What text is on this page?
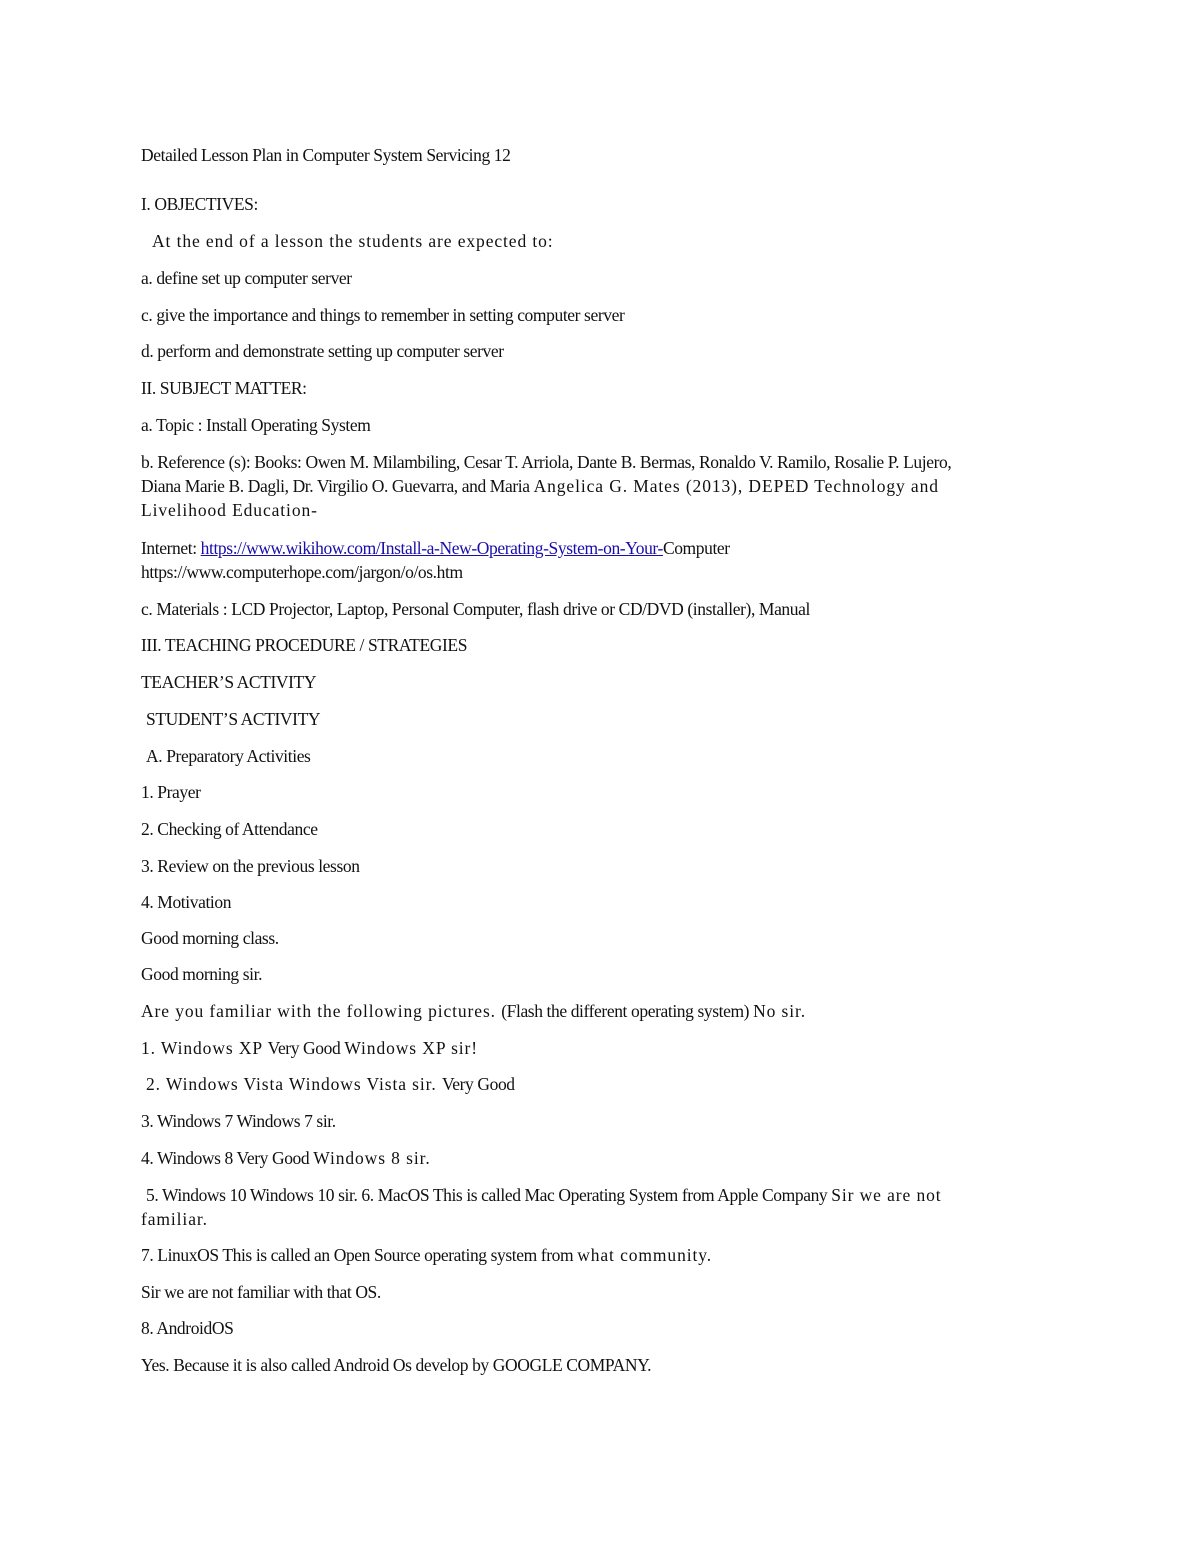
Detailed Lesson Plan in Computer System Servicing 12
I. OBJECTIVES:
At the end of a lesson the students are expected to:
a. define set up computer server
c. give the importance and things to remember in setting computer server
d. perform and demonstrate setting up computer server
II. SUBJECT MATTER:
a. Topic : Install Operating System
b. Reference (s): Books: Owen M. Milambiling, Cesar T. Arriola, Dante B. Bermas, Ronaldo V. Ramilo, Rosalie P. Lujero,
Diana Marie B. Dagli, Dr. Virgilio O. Guevarra, and Maria Angelica G. Mates (2013), DEPED Technology and
Livelihood Education-
Internet: https://www.wikihow.com/Install-a-New-Operating-System-on-Your-Computer
https://www.computerhope.com/jargon/o/os.htm
c. Materials : LCD Projector, Laptop, Personal Computer, flash drive or CD/DVD (installer), Manual
III. TEACHING PROCEDURE / STRATEGIES
TEACHER’S ACTIVITY
STUDENT’S ACTIVITY
A. Preparatory Activities
1. Prayer
2. Checking of Attendance
3. Review on the previous lesson
4. Motivation
Good morning class.
Good morning sir.
Are you familiar with the following pictures. (Flash the different operating system) No sir.
1. Windows XP Very Good Windows XP sir!
2. Windows Vista Windows Vista sir. Very Good
3. Windows 7 Windows 7 sir.
4. Windows 8 Very Good Windows 8 sir.
5. Windows 10 Windows 10 sir. 6. MacOS This is called Mac Operating System from Apple Company Sir we are not
familiar.
7. LinuxOS This is called an Open Source operating system from what community.
Sir we are not familiar with that OS.
8. AndroidOS
Yes. Because it is also called Android Os develop by GOOGLE COMPANY.
